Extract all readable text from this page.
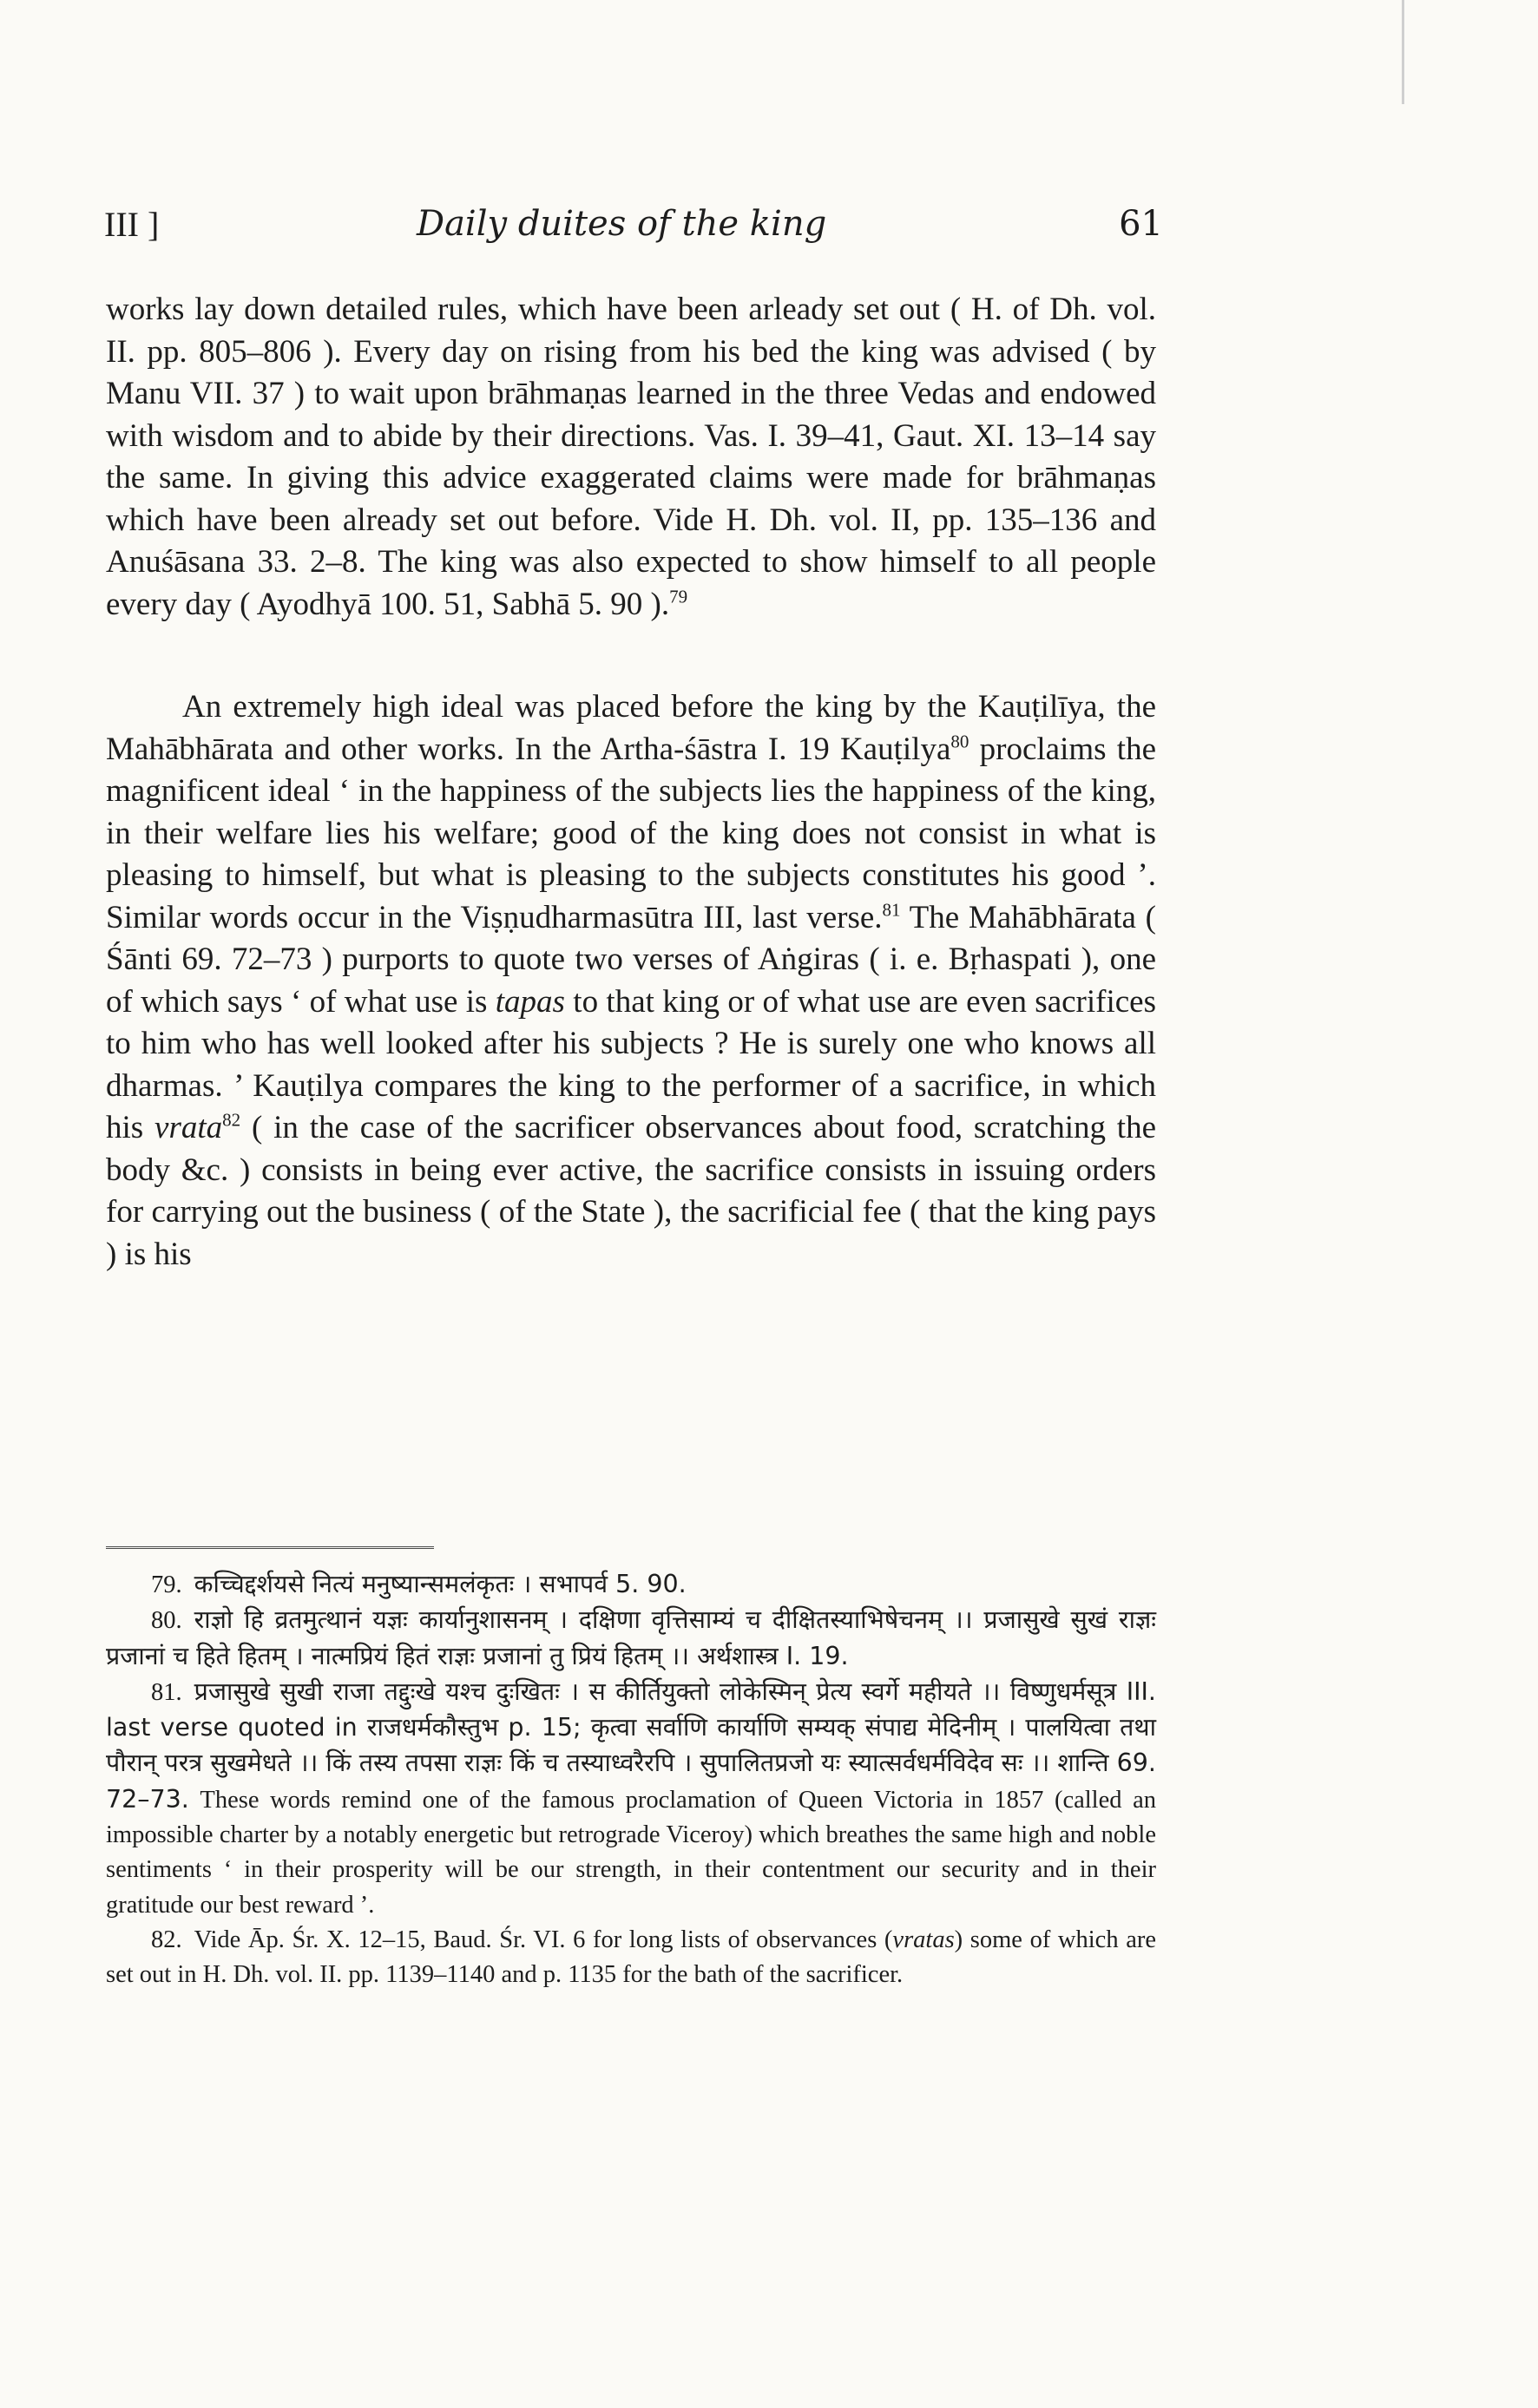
III ]	Daily duites of the king	61

works lay down detailed rules, which have been arleady set out ( H. of Dh. vol. II. pp. 805–806 ). Every day on rising from his bed the king was advised ( by Manu VII. 37 ) to wait upon brāhmaṇas learned in the three Vedas and endowed with wisdom and to abide by their directions. Vas. I. 39–41, Gaut. XI. 13–14 say the same. In giving this advice exaggerated claims were made for brāhmaṇas which have been already set out before. Vide H. Dh. vol. II, pp. 135–136 and Anuśāsana 33. 2–8. The king was also expected to show himself to all people every day ( Ayodhyā 100. 51, Sabhā 5. 90 ).$^{79}$

An extremely high ideal was placed before the king by the Kauṭilīya, the Mahābhārata and other works. In the Artha-śāstra I. 19 Kauṭilya$^{80}$ proclaims the magnificent ideal ‘ in the happiness of the subjects lies the happiness of the king, in their welfare lies his welfare; good of the king does not consist in what is pleasing to himself, but what is pleasing to the subjects constitutes his good ’. Similar words occur in the Viṣṇudharmasūtra III, last verse.$^{81}$ The Mahābhārata ( Śānti 69. 72–73 ) purports to quote two verses of Aṅgiras ( i. e. Bṛhaspati ), one of which says ‘ of what use is tapas to that king or of what use are even sacrifices to him who has well looked after his subjects ? He is surely one who knows all dharmas. ’ Kauṭilya compares the king to the performer of a sacrifice, in which his vrata$^{82}$ ( in the case of the sacrificer observances about food, scratching the body &c. ) consists in being ever active, the sacrifice consists in issuing orders for carrying out the business ( of the State ), the sacrificial fee ( that the king pays ) is his

79. कच्चिद्दर्शयसे नित्यं मनुष्यान्समलंकृतः । सभापर्व 5. 90.

80. राज्ञो हि व्रतमुत्थानं यज्ञः कार्यानुशासनम् । दक्षिणा वृत्तिसाम्यं च दीक्षितस्याभिषेचनम् ।। प्रजासुखे सुखं राज्ञः प्रजानां च हिते हितम् । नात्मप्रियं हितं राज्ञः प्रजानां तु प्रियं हितम् ।। अर्थशास्त्र I. 19.

81. प्रजासुखे सुखी राजा तद्दुःखे यश्च दुःखितः । स कीर्तियुक्तो लोकेस्मिन् प्रेत्य स्वर्गे महीयते ।। विष्णुधर्मसूत्र III. last verse quoted in राजधर्मकौस्तुभ p. 15; कृत्वा सर्वाणि कार्याणि सम्यक् संपाद्य मेदिनीम् । पालयित्वा तथा पौरान् परत्र सुखमेधते ।। किं तस्य तपसा राज्ञः किं च तस्याध्वरैरपि । सुपालितप्रजो यः स्यात्सर्वधर्मविदेव सः ।। शान्ति 69. 72–73. These words remind one of the famous proclamation of Queen Victoria in 1857 (called an impossible charter by a notably energetic but retrograde Viceroy) which breathes the same high and noble sentiments ‘ in their prosperity will be our strength, in their contentment our security and in their gratitude our best reward ’.

82. Vide Āp. Śr. X. 12–15, Baud. Śr. VI. 6 for long lists of observances (vratas) some of which are set out in H. Dh. vol. II. pp. 1139–1140 and p. 1135 for the bath of the sacrificer.
